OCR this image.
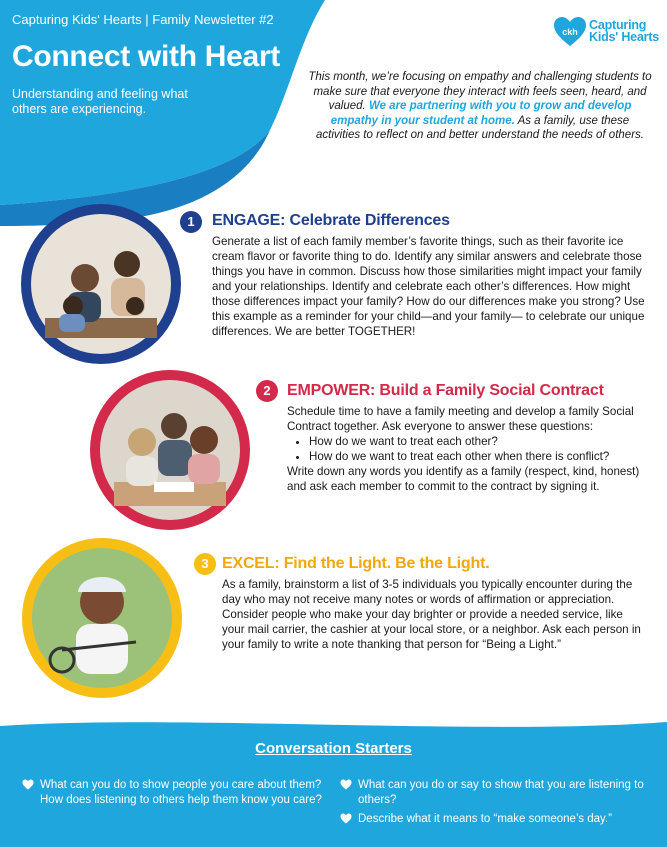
Capturing Kids' Hearts | Family Newsletter #2
Connect with Heart
Understanding and feeling what others are experiencing.
ckh Capturing Kids' Hearts
This month, we’re focusing on empathy and challenging students to make sure that everyone they interact with feels seen, heard, and valued. We are partnering with you to grow and develop empathy in your student at home. As a family, use these activities to reflect on and better understand the needs of others.
1	ENGAGE: Celebrate Differences
Generate a list of each family member’s favorite things, such as their favorite ice cream flavor or favorite thing to do. Identify any similar answers and celebrate those things you have in common. Discuss how those similarities might impact your family and your relationships. Identify and celebrate each other’s differences. How might those differences impact your family? How do our differences make you strong? Use this example as a reminder for your child—and your family— to celebrate our unique differences. We are better TOGETHER!
2	EMPOWER: Build a Family Social Contract
Schedule time to have a family meeting and develop a family Social Contract together. Ask everyone to answer these questions:
• How do we want to treat each other?
• How do we want to treat each other when there is conflict?
Write down any words you identify as a family (respect, kind, honest) and ask each member to commit to the contract by signing it.
3 EXCEL: Find the Light. Be the Light.
As a family, brainstorm a list of 3-5 individuals you typically encounter during the day who may not receive many notes or words of affirmation or appreciation. Consider people who make your day brighter or provide a needed service, like your mail carrier, the cashier at your local store, or a neighbor. Ask each person in your family to write a note thanking that person for “Being a Light.”
Conversation Starters
What can you do to show people you care about them? How does listening to others help them know you care?
What can you do or say to show that you are listening to others?
Describe what it means to “make someone’s day.”
